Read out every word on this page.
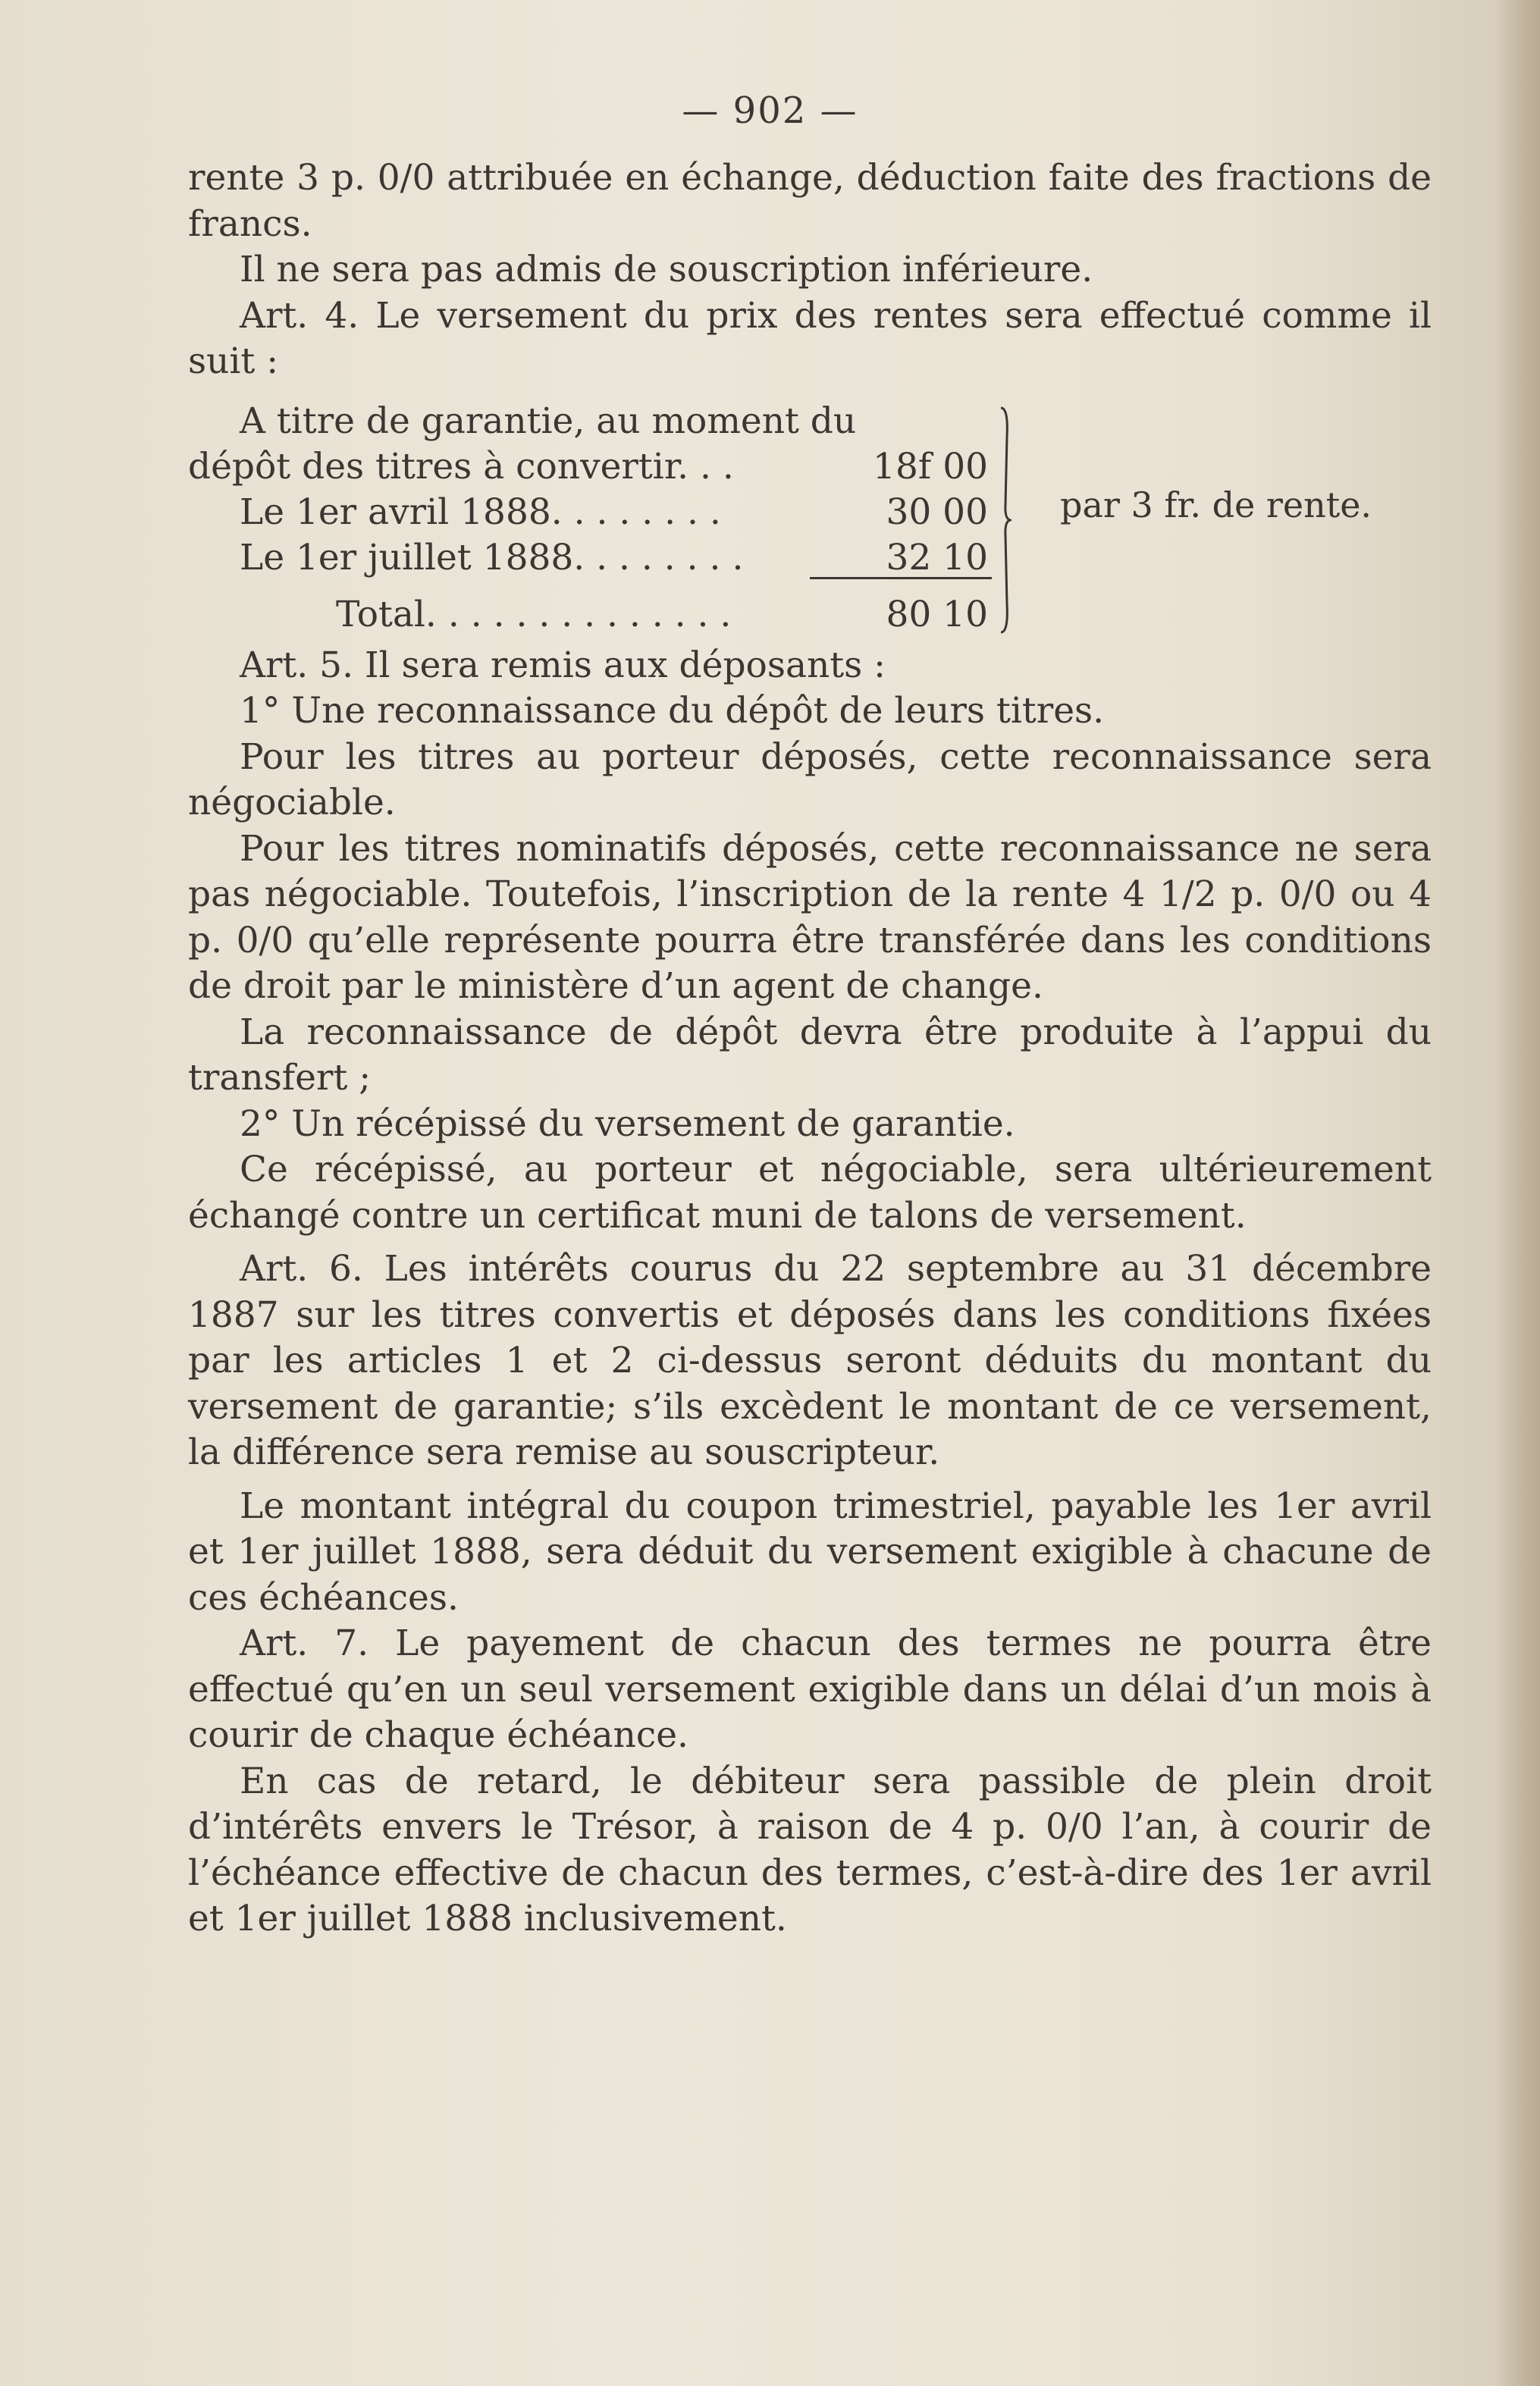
— 902 —

rente 3 p. 0/0 attribuée en échange, déduction faite des fractions de francs.

Il ne sera pas admis de souscription inférieure.

Art. 4. Le versement du prix des rentes sera effectué comme il suit :

A titre de garantie, au moment du
dépôt des titres à convertir. . .	18f 00
Le 1er avril 1888. . . . . . . .	30 00
Le 1er juillet 1888. . . . . . . .	32 10
Total. . . . . . . . . . . . . .	80 10
par 3 fr. de rente.

Art. 5. Il sera remis aux déposants :

1° Une reconnaissance du dépôt de leurs titres.

Pour les titres au porteur déposés, cette reconnaissance sera négociable.

Pour les titres nominatifs déposés, cette reconnaissance ne sera pas négociable. Toutefois, l’inscription de la rente 4 1/2 p. 0/0 ou 4 p. 0/0 qu’elle représente pourra être transférée dans les conditions de droit par le ministère d’un agent de change.

La reconnaissance de dépôt devra être produite à l’appui du transfert ;

2° Un récépissé du versement de garantie.

Ce récépissé, au porteur et négociable, sera ultérieurement échangé contre un certificat muni de talons de versement.

Art. 6. Les intérêts courus du 22 septembre au 31 décembre 1887 sur les titres convertis et déposés dans les conditions fixées par les articles 1 et 2 ci-dessus seront déduits du montant du versement de garantie; s’ils excèdent le montant de ce versement, la différence sera remise au souscripteur.

Le montant intégral du coupon trimestriel, payable les 1er avril et 1er juillet 1888, sera déduit du versement exigible à chacune de ces échéances.

Art. 7. Le payement de chacun des termes ne pourra être effectué qu’en un seul versement exigible dans un délai d’un mois à courir de chaque échéance.

En cas de retard, le débiteur sera passible de plein droit d’intérêts envers le Trésor, à raison de 4 p. 0/0 l’an, à courir de l’échéance effective de chacun des termes, c’est-à-dire des 1er avril et 1er juillet 1888 inclusivement.
